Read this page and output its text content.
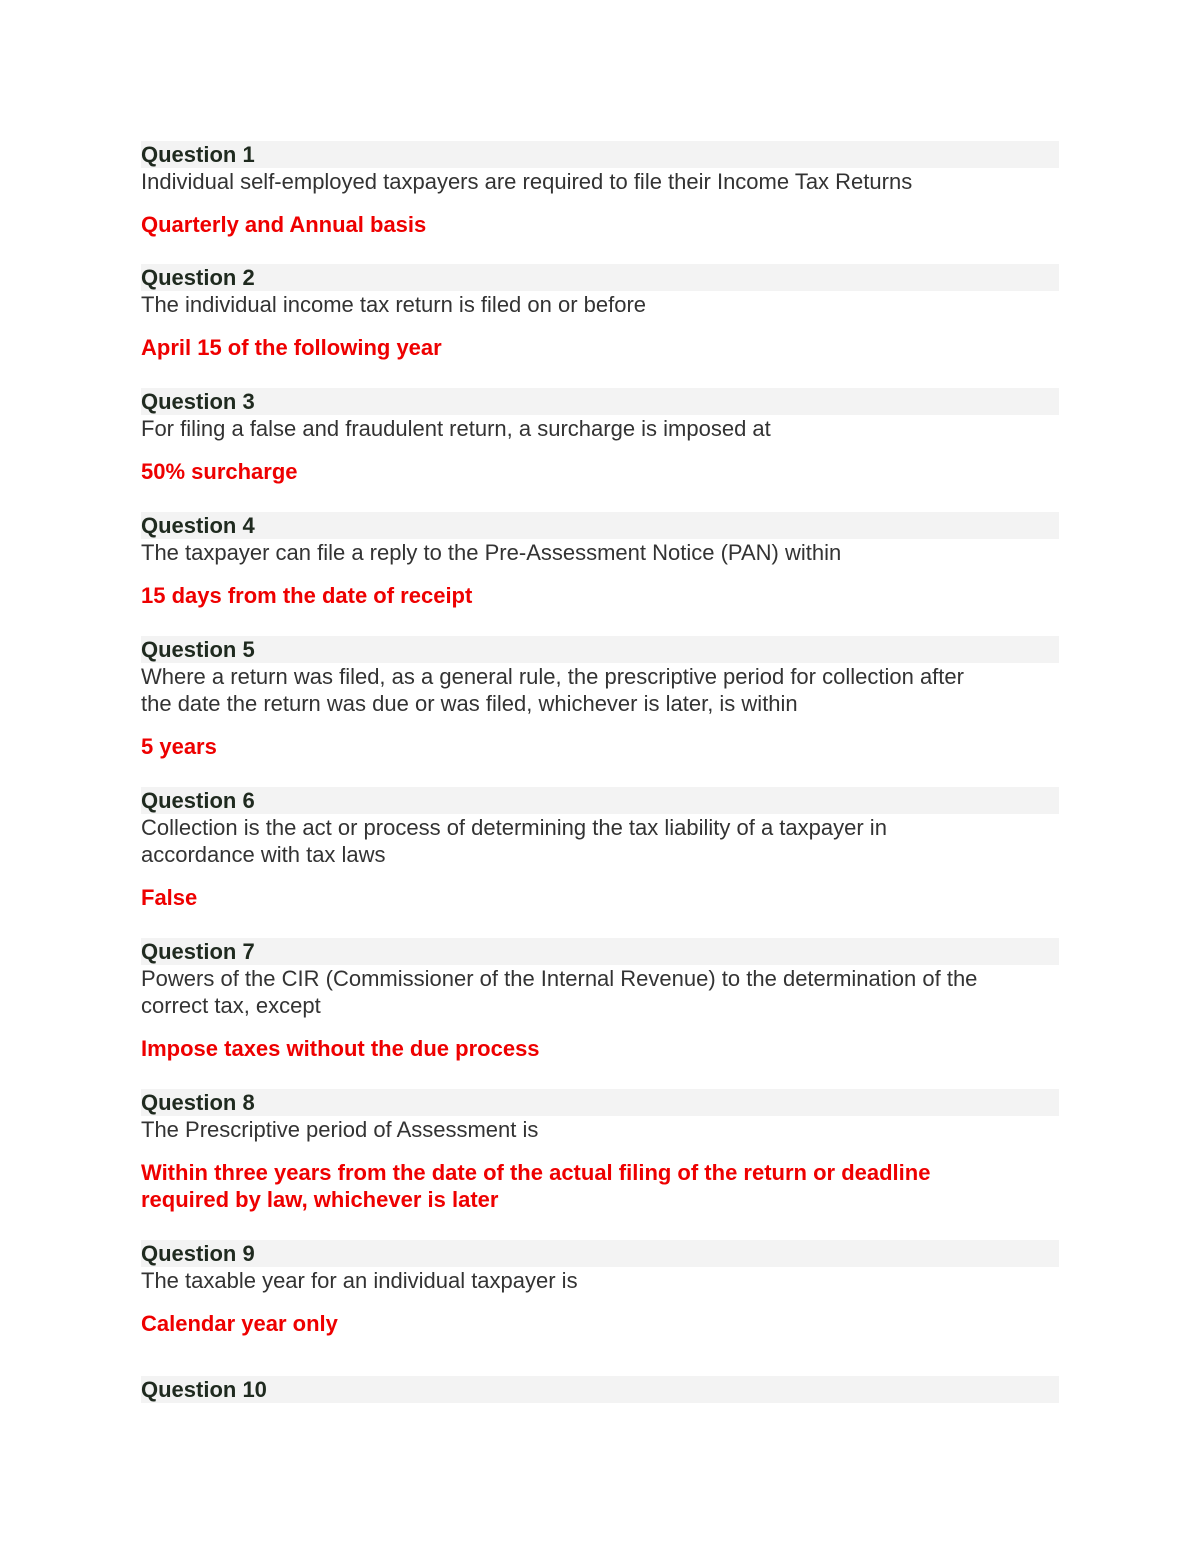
Question 1
Individual self-employed taxpayers are required to file their Income Tax Returns
Quarterly and Annual basis
Question 2
The individual income tax return is filed on or before
April 15 of the following year
Question 3
For filing a false and fraudulent return, a surcharge is imposed at
50% surcharge
Question 4
The taxpayer can file a reply to the Pre-Assessment Notice (PAN) within
15 days from the date of receipt
Question 5
Where a return was filed, as a general rule, the prescriptive period for collection after
the date the return was due or was filed, whichever is later, is within
5 years
Question 6
Collection is the act or process of determining the tax liability of a taxpayer in
accordance with tax laws
False
Question 7
Powers of the CIR (Commissioner of the Internal Revenue) to the determination of the
correct tax, except
Impose taxes without the due process
Question 8
The Prescriptive period of Assessment is
Within three years from the date of the actual filing of the return or deadline
required by law, whichever is later
Question 9
The taxable year for an individual taxpayer is
Calendar year only
Question 10
